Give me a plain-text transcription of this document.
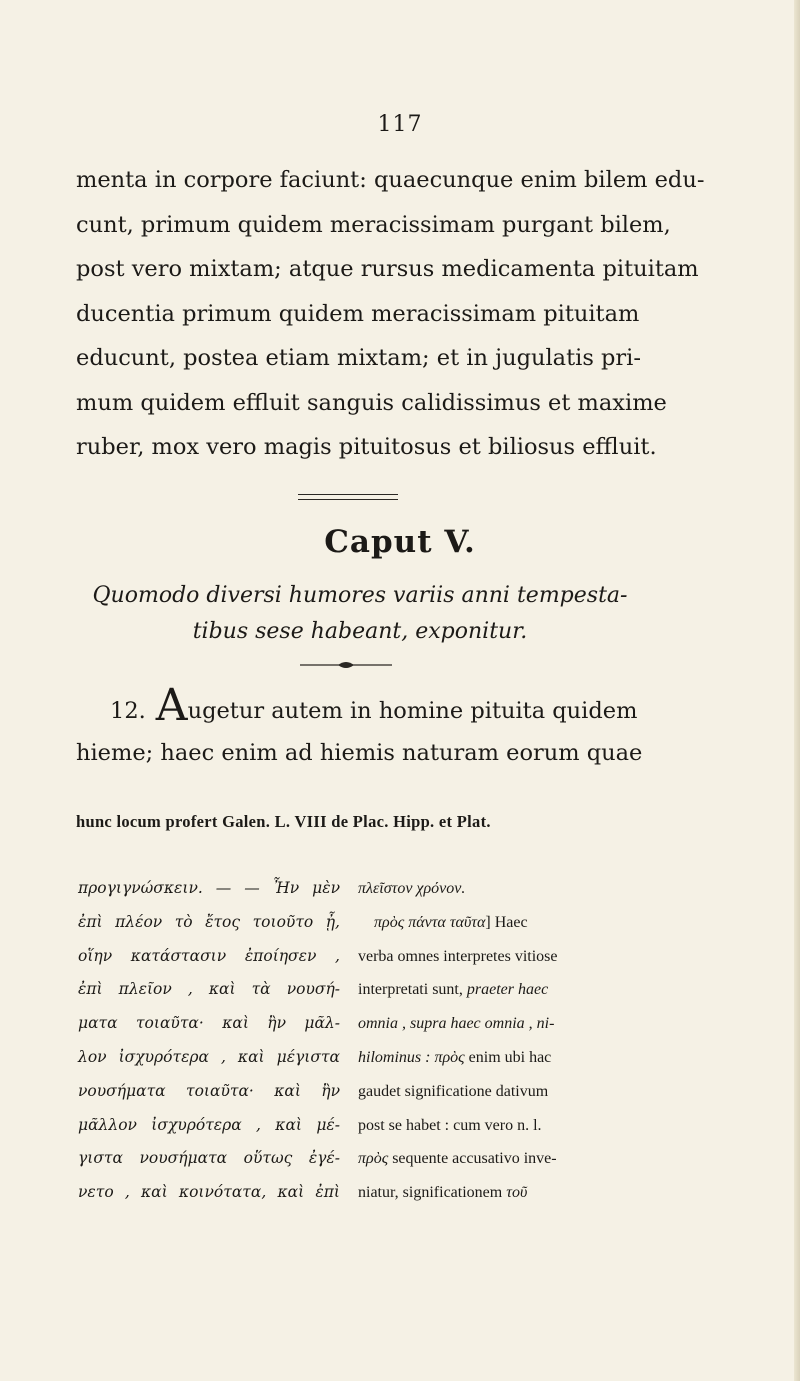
117
menta in corpore faciunt: quaecunque enim bilem edu-
cunt, primum quidem meracissimam purgant bilem,
post vero mixtam; atque rursus medicamenta pituitam
ducentia primum quidem meracissimam pituitam
educunt, postea etiam mixtam; et in jugulatis pri-
mum quidem effluit sanguis calidissimus et maxime
ruber, mox vero magis pituitosus et biliosus effluit.
Caput V.
Quomodo diversi humores variis anni tempesta-
tibus sese habeant, exponitur.
12. Augetur autem in homine pituita quidem
hieme; haec enim ad hiemis naturam eorum quae
hunc locum profert Galen. L. VIII de Plac. Hipp. et Plat.
προγιγνώσκειν. — — Ἦν μὲν
ἐπὶ πλέον τὸ ἔτος τοιοῦτο ᾖ,
οἵην κατάστασιν ἐποίησεν ,
ἐπὶ πλεῖον , καὶ τὰ νουσή-
ματα τοιαῦτα· καὶ ἢν μᾶλ-
λον ἰσχυρότερα , καὶ μέγιστα
νουσήματα τοιαῦτα· καὶ ἢν
μᾶλλον ἰσχυρότερα , καὶ μέ-
γιστα νουσήματα οὕτως ἐγέ-
νετο , καὶ κοινότατα, καὶ ἐπὶ
πλεῖστον χρόνον.
πρὸς πάντα ταῦτα] Haec
verba omnes interpretes vitiose
interpretati sunt, praeter haec
omnia , supra haec omnia , ni-
hilominus : πρὸς enim ubi hac
gaudet significatione dativum
post se habet : cum vero n. l.
πρὸς sequente accusativo inve-
niatur, significationem τοῦ
